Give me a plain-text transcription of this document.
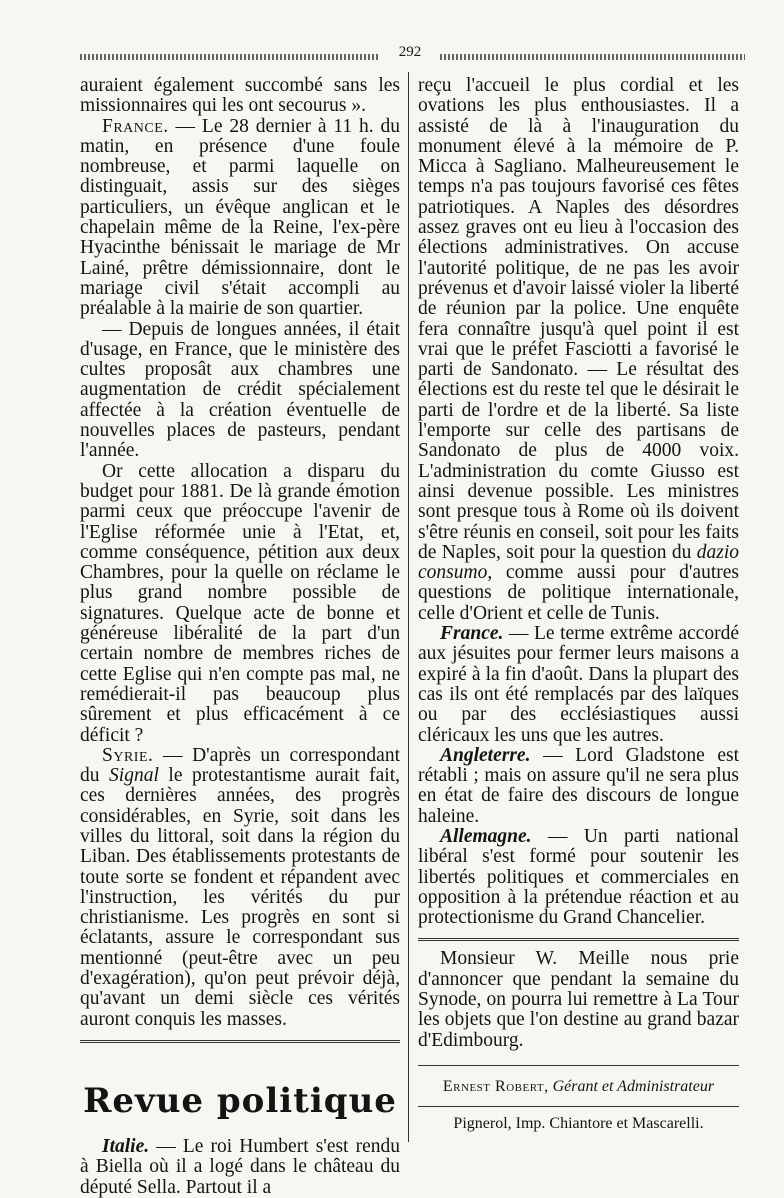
292

auraient également succombé sans les missionnaires qui les ont secourus ».

France. — Le 28 dernier à 11 h. du matin, en présence d'une foule nombreuse, et parmi laquelle on distinguait, assis sur des sièges particuliers, un évêque anglican et le chapelain même de la Reine, l'ex-père Hyacinthe bénissait le mariage de Mr Lainé, prêtre démissionnaire, dont le mariage civil s'était accompli au préalable à la mairie de son quartier.

— Depuis de longues années, il était d'usage, en France, que le ministère des cultes proposât aux chambres une augmentation de crédit spécialement affectée à la création éventuelle de nouvelles places de pasteurs, pendant l'année.

Or cette allocation a disparu du budget pour 1881. De là grande émotion parmi ceux que préoccupe l'avenir de l'Eglise réformée unie à l'Etat, et, comme conséquence, pétition aux deux Chambres, pour la quelle on réclame le plus grand nombre possible de signatures. Quelque acte de bonne et généreuse libéralité de la part d'un certain nombre de membres riches de cette Eglise qui n'en compte pas mal, ne remédierait-il pas beaucoup plus sûrement et plus efficacément à ce déficit ?

Syrie. — D'après un correspondant du Signal le protestantisme aurait fait, ces dernières années, des progrès considérables, en Syrie, soit dans les villes du littoral, soit dans la région du Liban. Des établissements protestants de toute sorte se fondent et répandent avec l'instruction, les vérités du pur christianisme. Les progrès en sont si éclatants, assure le correspondant sus mentionné (peut-être avec un peu d'exagération), qu'on peut prévoir déjà, qu'avant un demi siècle ces vérités auront conquis les masses.

Revue politique

Italie. — Le roi Humbert s'est rendu à Biella où il a logé dans le château du député Sella. Partout il a

reçu l'accueil le plus cordial et les ovations les plus enthousiastes. Il a assisté de là à l'inauguration du monument élevé à la mémoire de P. Micca à Sagliano. Malheureusement le temps n'a pas toujours favorisé ces fêtes patriotiques. A Naples des désordres assez graves ont eu lieu à l'occasion des élections administratives. On accuse l'autorité politique, de ne pas les avoir prévenus et d'avoir laissé violer la liberté de réunion par la police. Une enquête fera connaître jusqu'à quel point il est vrai que le préfet Fasciotti a favorisé le parti de Sandonato. — Le résultat des élections est du reste tel que le désirait le parti de l'ordre et de la liberté. Sa liste l'emporte sur celle des partisans de Sandonato de plus de 4000 voix. L'administration du comte Giusso est ainsi devenue possible. Les ministres sont presque tous à Rome où ils doivent s'être réunis en conseil, soit pour les faits de Naples, soit pour la question du dazio consumo, comme aussi pour d'autres questions de politique internationale, celle d'Orient et celle de Tunis.

France. — Le terme extrême accordé aux jésuites pour fermer leurs maisons a expiré à la fin d'août. Dans la plupart des cas ils ont été remplacés par des laïques ou par des ecclésiastiques aussi cléricaux les uns que les autres.

Angleterre. — Lord Gladstone est rétabli ; mais on assure qu'il ne sera plus en état de faire des discours de longue haleine.

Allemagne. — Un parti national libéral s'est formé pour soutenir les libertés politiques et commerciales en opposition à la prétendue réaction et au protectionisme du Grand Chancelier.

Monsieur W. Meille nous prie d'annoncer que pendant la semaine du Synode, on pourra lui remettre à La Tour les objets que l'on destine au grand bazar d'Edimbourg.

Ernest Robert, Gérant et Administrateur
Pignerol, Imp. Chiantore et Mascarelli.
